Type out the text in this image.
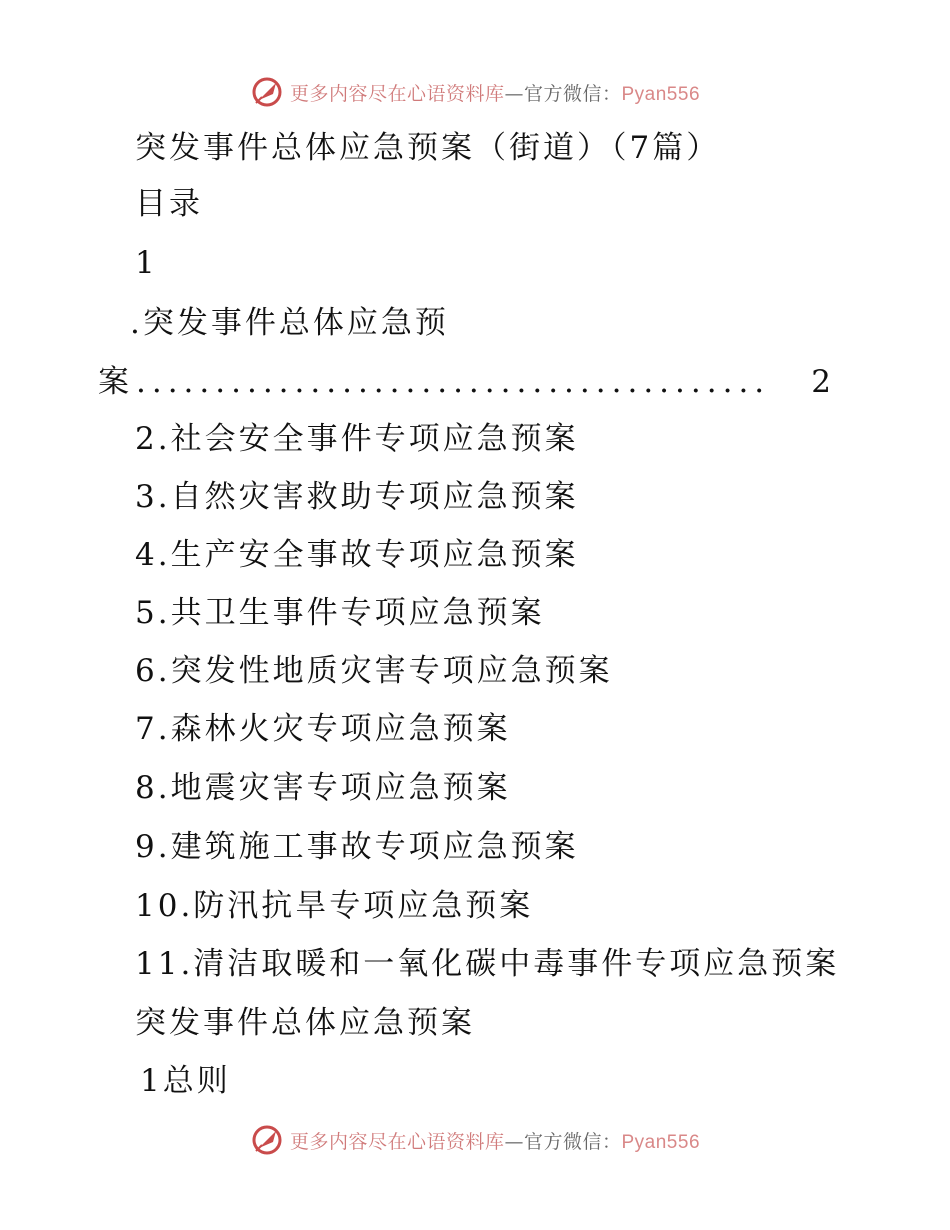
更多内容尽在心语资料库—官方微信：Pyan556
突发事件总体应急预案（街道）（7篇）
目录
1
.突发事件总体应急预
案 ........................................	2
2.社会安全事件专项应急预案
3.自然灾害救助专项应急预案
4.生产安全事故专项应急预案
5.共卫生事件专项应急预案
6.突发性地质灾害专项应急预案
7.森林火灾专项应急预案
8.地震灾害专项应急预案
9.建筑施工事故专项应急预案
10.防汛抗旱专项应急预案
11.清洁取暖和一氧化碳中毒事件专项应急预案
突发事件总体应急预案
1总则
更多内容尽在心语资料库—官方微信：Pyan556
